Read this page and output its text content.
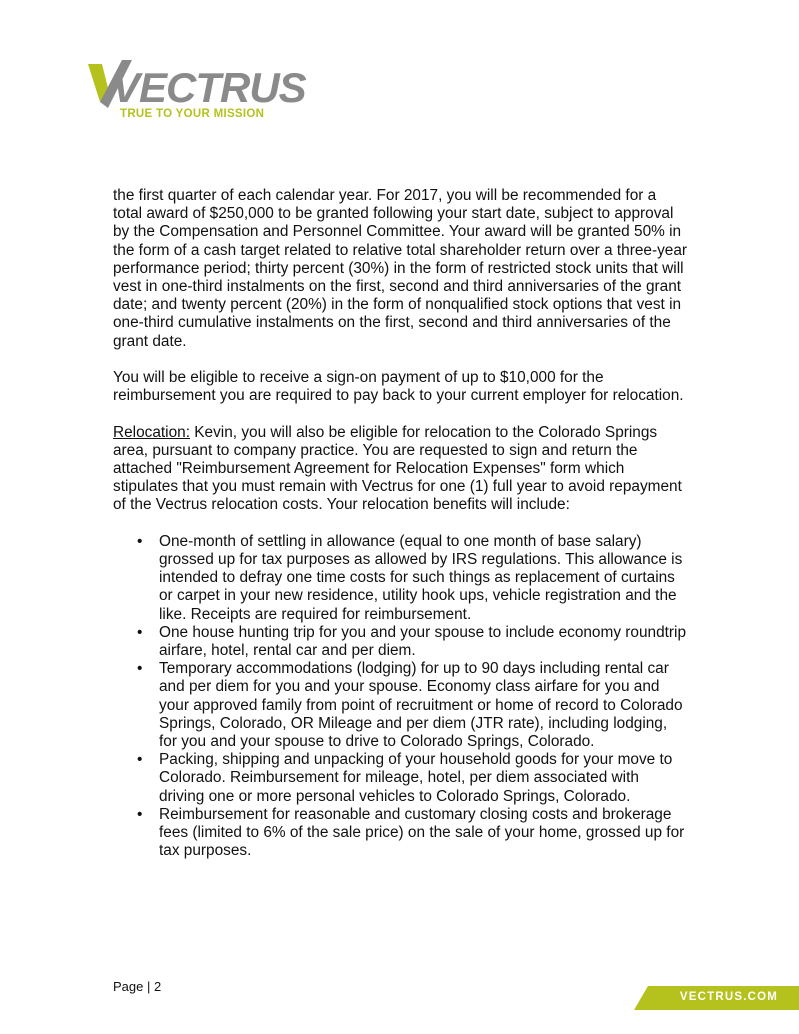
VECTRUS
TRUE TO YOUR MISSION

the first quarter of each calendar year. For 2017, you will be recommended for a total award of $250,000 to be granted following your start date, subject to approval by the Compensation and Personnel Committee. Your award will be granted 50% in the form of a cash target related to relative total shareholder return over a three-year performance period; thirty percent (30%) in the form of restricted stock units that will vest in one-third instalments on the first, second and third anniversaries of the grant date; and twenty percent (20%) in the form of nonqualified stock options that vest in one-third cumulative instalments on the first, second and third anniversaries of the grant date.

You will be eligible to receive a sign-on payment of up to $10,000 for the reimbursement you are required to pay back to your current employer for relocation.

Relocation: Kevin, you will also be eligible for relocation to the Colorado Springs area, pursuant to company practice. You are requested to sign and return the attached "Reimbursement Agreement for Relocation Expenses" form which stipulates that you must remain with Vectrus for one (1) full year to avoid repayment of the Vectrus relocation costs. Your relocation benefits will include:

• One-month of settling in allowance (equal to one month of base salary) grossed up for tax purposes as allowed by IRS regulations. This allowance is intended to defray one time costs for such things as replacement of curtains or carpet in your new residence, utility hook ups, vehicle registration and the like. Receipts are required for reimbursement.
• One house hunting trip for you and your spouse to include economy roundtrip airfare, hotel, rental car and per diem.
• Temporary accommodations (lodging) for up to 90 days including rental car and per diem for you and your spouse. Economy class airfare for you and your approved family from point of recruitment or home of record to Colorado Springs, Colorado, OR Mileage and per diem (JTR rate), including lodging, for you and your spouse to drive to Colorado Springs, Colorado.
• Packing, shipping and unpacking of your household goods for your move to Colorado. Reimbursement for mileage, hotel, per diem associated with driving one or more personal vehicles to Colorado Springs, Colorado.
• Reimbursement for reasonable and customary closing costs and brokerage fees (limited to 6% of the sale price) on the sale of your home, grossed up for tax purposes.
Page | 2
VECTRUS.COM
